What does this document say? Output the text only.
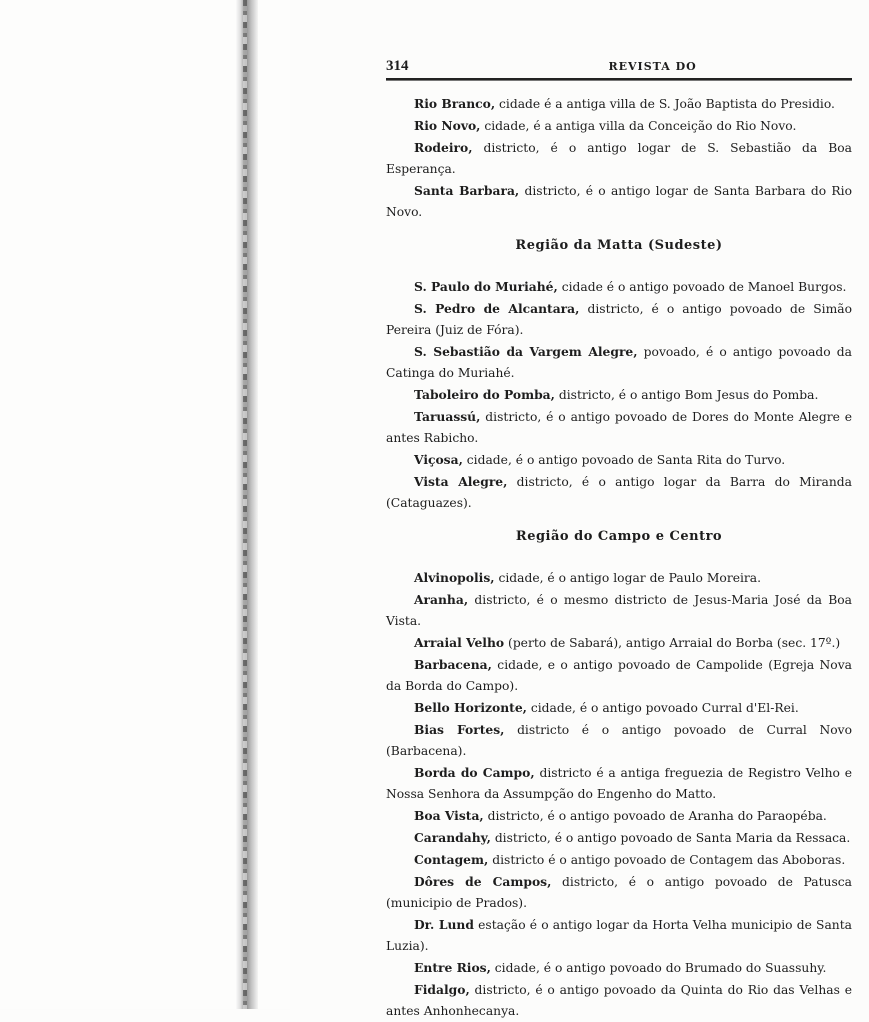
314	REVISTA DO

Rio Branco, cidade é a antiga villa de S. João Baptista do Presidio.

Rio Novo, cidade, é a antiga villa da Conceição do Rio Novo.

Rodeiro, districto, é o antigo logar de S. Sebastião da Boa Esperança.

Santa Barbara, districto, é o antigo logar de Santa Barbara do Rio Novo.

Região da Matta (Sudeste)

S. Paulo do Muriahé, cidade é o antigo povoado de Manoel Burgos.

S. Pedro de Alcantara, districto, é o antigo povoado de Simão Pereira (Juiz de Fóra).

S. Sebastião da Vargem Alegre, povoado, é o antigo povoado da Catinga do Muriahé.

Taboleiro do Pomba, districto, é o antigo Bom Jesus do Pomba.

Taruassú, districto, é o antigo povoado de Dores do Monte Alegre e antes Rabicho.

Viçosa, cidade, é o antigo povoado de Santa Rita do Turvo.

Vista Alegre, districto, é o antigo logar da Barra do Miranda (Cataguazes).

Região do Campo e Centro

Alvinopolis, cidade, é o antigo logar de Paulo Moreira.

Aranha, districto, é o mesmo districto de Jesus-Maria José da Boa Vista.

Arraial Velho (perto de Sabará), antigo Arraial do Borba (sec. 17º.)

Barbacena, cidade, e o antigo povoado de Campolide (Egreja Nova da Borda do Campo).

Bello Horizonte, cidade, é o antigo povoado Curral d'El-Rei.

Bias Fortes, districto é o antigo povoado de Curral Novo (Barbacena).

Borda do Campo, districto é a antiga freguezia de Registro Velho e Nossa Senhora da Assumpção do Engenho do Matto.

Boa Vista, districto, é o antigo povoado de Aranha do Paraopéba.

Carandahy, districto, é o antigo povoado de Santa Maria da Ressaca.

Contagem, districto é o antigo povoado de Contagem das Aboboras.

Dôres de Campos, districto, é o antigo povoado de Patusca (municipio de Prados).

Dr. Lund estação é o antigo logar da Horta Velha municipio de Santa Luzia).

Entre Rios, cidade, é o antigo povoado do Brumado do Suassuhy.

Fidalgo, districto, é o antigo povoado da Quinta do Rio das Velhas e antes Anhonhecanya.
